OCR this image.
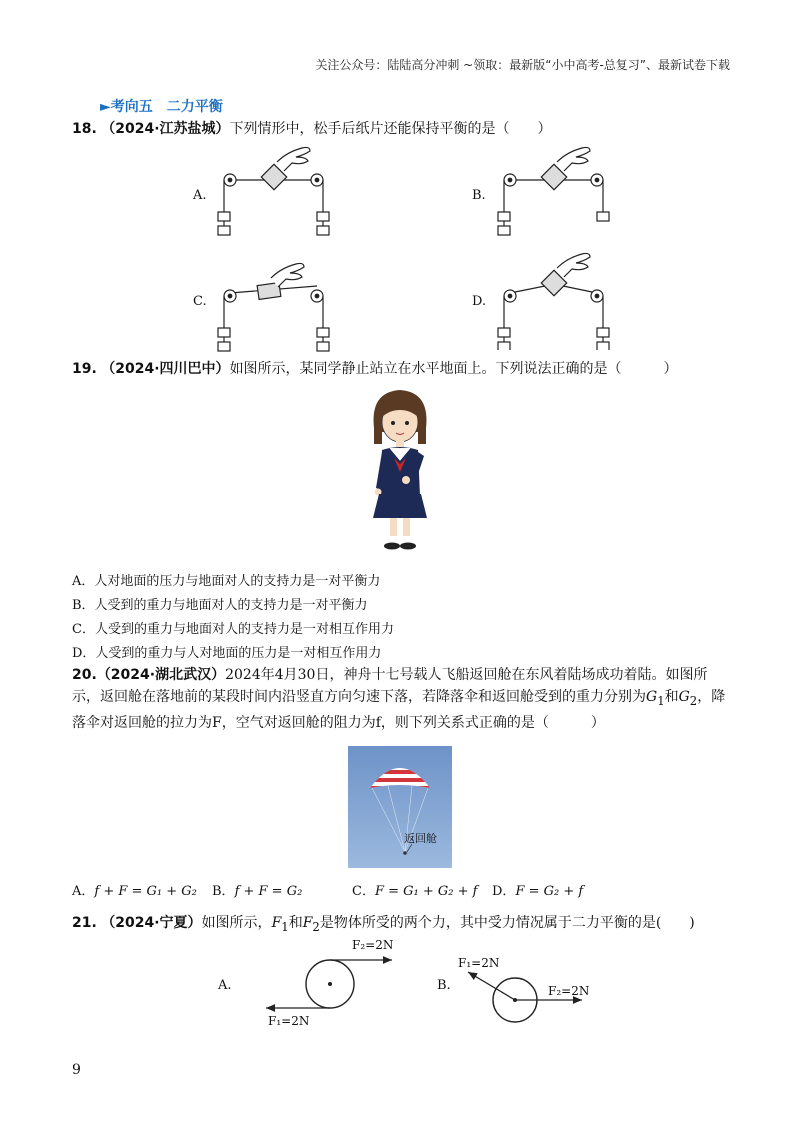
关注公众号：陆陆高分冲刺 ~领取：最新版“小中高考-总复习”、最新试卷下载
►考向五　二力平衡
18. （2024·江苏盐城）下列情形中，松手后纸片还能保持平衡的是（　　）
A.	B.
C.	D.
19. （2024·四川巴中）如图所示，某同学静止站立在水平地面上。下列说法正确的是（　　　）
A．人对地面的压力与地面对人的支持力是一对平衡力
B．人受到的重力与地面对人的支持力是一对平衡力
C．人受到的重力与地面对人的支持力是一对相互作用力
D．人受到的重力与人对地面的压力是一对相互作用力
20.（2024·湖北武汉）2024年4月30日，神舟十七号载人飞船返回舱在东风着陆场成功着陆。如图所
示，返回舱在落地前的某段时间内沿竖直方向匀速下落，若降落伞和返回舱受到的重力分别为$G_1$和$G_2$，降
落伞对返回舱的拉力为F，空气对返回舱的阻力为f，则下列关系式正确的是（　　　）
返回舱
A．f + F = G₁ + G₂ B．f + F = G₂	C．F = G₁ + G₂ + f D．F = G₂ + f
21. （2024·宁夏）如图所示，$F_1$和$F_2$是物体所受的两个力，其中受力情况属于二力平衡的是(　　)
A.
F₂=2N
F₁=2N
B.
F₁=2N
F₂=2N
9
